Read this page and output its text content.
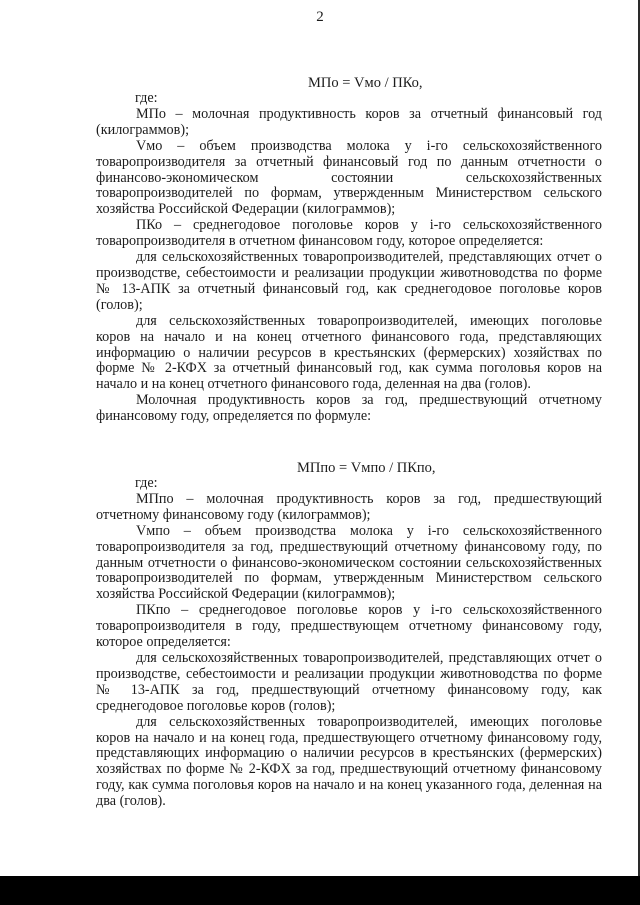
2
МПо = Vмо / ПКо,

где:

МПо – молочная продуктивность коров за отчетный финансовый год (килограммов);

Vмо – объем производства молока у i-го сельскохозяйственного товаропроизводителя за отчетный финансовый год по данным отчетности о финансово-экономическом состоянии сельскохозяйственных товаропроизводителей по формам, утвержденным Министерством сельского хозяйства Российской Федерации (килограммов);

ПКо – среднегодовое поголовье коров у i-го сельскохозяйственного товаропроизводителя в отчетном финансовом году, которое определяется:

для сельскохозяйственных товаропроизводителей, представляющих отчет о производстве, себестоимости и реализации продукции животноводства по форме № 13-АПК за отчетный финансовый год, как среднегодовое поголовье коров (голов);

для сельскохозяйственных товаропроизводителей, имеющих поголовье коров на начало и на конец отчетного финансового года, представляющих информацию о наличии ресурсов в крестьянских (фермерских) хозяйствах по форме № 2-КФХ за отчетный финансовый год, как сумма поголовья коров на начало и на конец отчетного финансового года, деленная на два (голов).

Молочная продуктивность коров за год, предшествующий отчетному финансовому году, определяется по формуле:

МПпо = Vмпо / ПКпо,

где:

МПпо – молочная продуктивность коров за год, предшествующий отчетному финансовому году (килограммов);

Vмпо – объем производства молока у i-го сельскохозяйственного товаропроизводителя за год, предшествующий отчетному финансовому году, по данным отчетности о финансово-экономическом состоянии сельскохозяйственных товаропроизводителей по формам, утвержденным Министерством сельского хозяйства Российской Федерации (килограммов);

ПКпо – среднегодовое поголовье коров у i-го сельскохозяйственного товаропроизводителя в году, предшествующем отчетному финансовому году, которое определяется:

для сельскохозяйственных товаропроизводителей, представляющих отчет о производстве, себестоимости и реализации продукции животноводства по форме № 13-АПК за год, предшествующий отчетному финансовому году, как среднегодовое поголовье коров (голов);

для сельскохозяйственных товаропроизводителей, имеющих поголовье коров на начало и на конец года, предшествующего отчетному финансовому году, представляющих информацию о наличии ресурсов в крестьянских (фермерских) хозяйствах по форме № 2-КФХ за год, предшествующий отчетному финансовому году, как сумма поголовья коров на начало и на конец указанного года, деленная на два (голов).
